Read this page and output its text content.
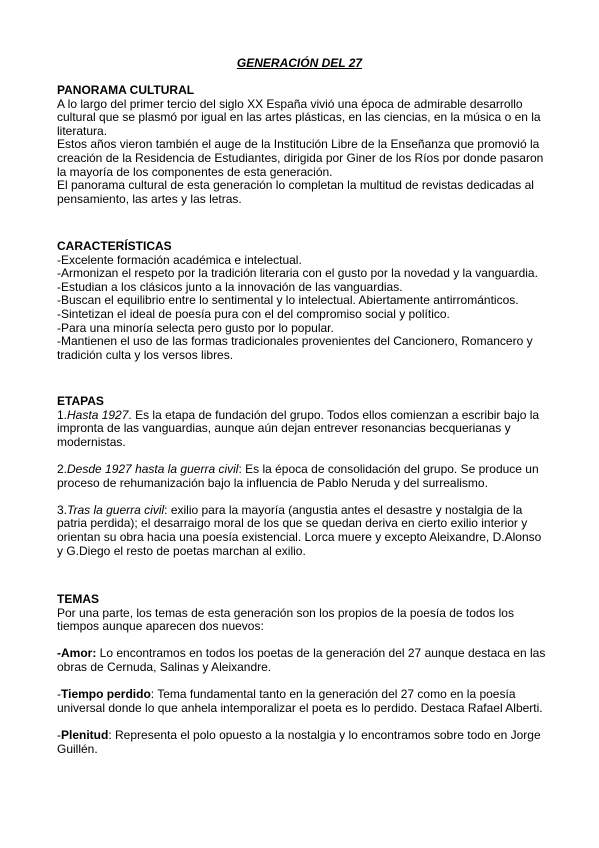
GENERACIÓN DEL 27

PANORAMA CULTURAL

A lo largo del primer tercio del siglo XX España vivió una época de admirable desarrollo cultural que se plasmó por igual en las artes plásticas, en las ciencias, en la música o en la literatura.

Estos años vieron también el auge de la Institución Libre de la Enseñanza que promovió la creación de la Residencia de Estudiantes, dirigida por Giner de los Ríos por donde pasaron la mayoría de los componentes de esta generación.

El panorama cultural de esta generación lo completan la multitud de revistas dedicadas al pensamiento, las artes y las letras.

CARACTERÍSTICAS

-Excelente formación académica e intelectual.

-Armonizan el respeto por la tradición literaria con el gusto por la novedad y la vanguardia.

-Estudian a los clásicos junto a la innovación de las vanguardias.

-Buscan el equilibrio entre lo sentimental y lo intelectual. Abiertamente antirrománticos.

-Sintetizan el ideal de poesía pura con el del compromiso social y político.

-Para una minoría selecta pero gusto por lo popular.

-Mantienen el uso de las formas tradicionales provenientes del Cancionero, Romancero y tradición culta y los versos libres.

ETAPAS

1.Hasta 1927. Es la etapa de fundación del grupo. Todos ellos comienzan a escribir bajo la impronta de las vanguardias, aunque aún dejan entrever resonancias becquerianas y modernistas.

2.Desde 1927 hasta la guerra civil: Es la época de consolidación del grupo. Se produce un proceso de rehumanización bajo la influencia de Pablo Neruda y del surrealismo.

3.Tras la guerra civil: exilio para la mayoría (angustia antes el desastre y nostalgia de la patria perdida); el desarraigo moral de los que se quedan deriva en cierto exilio interior y orientan su obra hacia una poesía existencial. Lorca muere y excepto Aleixandre, D.Alonso y G.Diego el resto de poetas marchan al exilio.

TEMAS

Por una parte, los temas de esta generación son los propios de la poesía de todos los tiempos aunque aparecen dos nuevos:

-Amor: Lo encontramos en todos los poetas de la generación del 27 aunque destaca en las obras de Cernuda, Salinas y Aleixandre.

-Tiempo perdido: Tema fundamental tanto en la generación del 27 como en la poesía universal donde lo que anhela intemporalizar el poeta es lo perdido. Destaca Rafael Alberti.

-Plenitud: Representa el polo opuesto a la nostalgia y lo encontramos sobre todo en Jorge Guillén.
